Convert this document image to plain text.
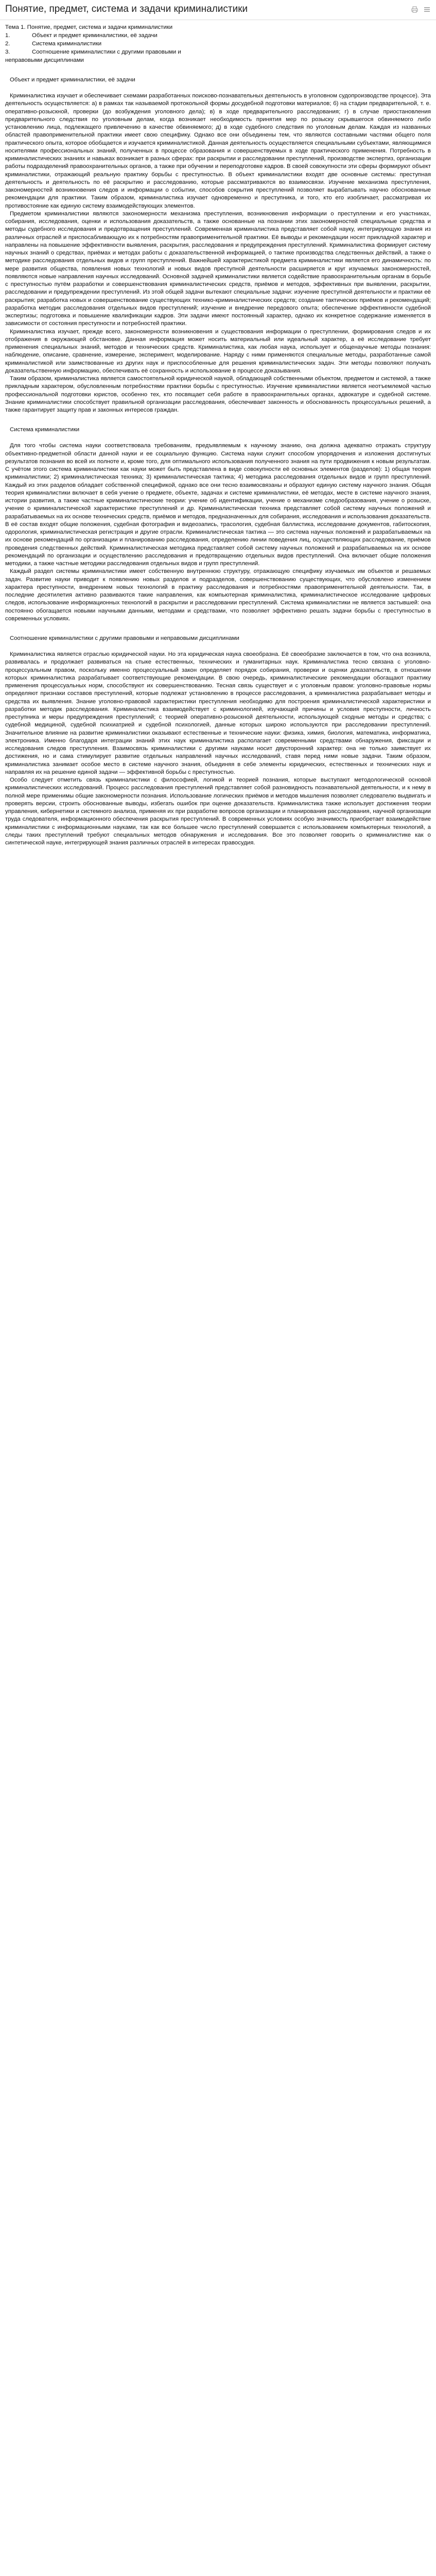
Понятие, предмет, система и задачи криминалистики

Тема 1. Понятие, предмет, система и задачи криминалистики

1.	Объект и предмет криминалистики, её задачи
2.	Система криминалистики
3.	Соотношение криминалистики с другими правовыми и

неправовыми дисциплинами

Объект и предмет криминалистики, её задачи

Криминалистика изучает и обеспечивает схемами разработанных поисково-познавательных деятельность в уголовном судопроизводстве процессе). Эта деятельность осуществляется: а) в рамках так называемой протокольной формы досудебной подготовки материалов; б) на стадии предварительной, т. е. оперативно-розыскной, проверки (до возбуждения уголовного дела); в) в ходе предварительного расследования; г) в случае приостановления предварительного следствия по уголовным делам, когда возникает необходимость принятия мер по розыску скрывшегося обвиняемого либо установлению лица, подлежащего привлечению в качестве обвиняемого; д) в ходе судебного следствия по уголовным делам. Каждая из названных областей правоприменительной практики имеет свою специфику. Однако все они объединены тем, что являются составными частями общего поля практического опыта, которое обобщается и изучается криминалистикой. Данная деятельность осуществляется специальными субъектами, являющимися носителями профессиональных знаний, полученных в процессе образования и совершенствуемых в ходе практического применения. Потребность в криминалистических знаниях и навыках возникает в разных сферах: при раскрытии и расследовании преступлений, производстве экспертиз, организации работы подразделений правоохранительных органов, а также при обучении и переподготовке кадров. В своей совокупности эти сферы формируют объект криминалистики, отражающий реальную практику борьбы с преступностью. В объект криминалистики входят две основные системы: преступная деятельность и деятельность по её раскрытию и расследованию, которые рассматриваются во взаимосвязи. Изучение механизма преступления, закономерностей возникновения следов и информации о событии, способов сокрытия преступлений позволяет вырабатывать научно обоснованные рекомендации для практики. Таким образом, криминалистика изучает одновременно и преступника, и того, кто его изобличает, рассматривая их противостояние как единую систему взаимодействующих элементов.

Предметом криминалистики являются закономерности механизма преступления, возникновения информации о преступлении и его участниках, собирания, исследования, оценки и использования доказательств, а также основанные на познании этих закономерностей специальные средства и методы судебного исследования и предотвращения преступлений. Современная криминалистика представляет собой науку, интегрирующую знания из различных отраслей и приспосабливающую их к потребностям правоприменительной практики. Её выводы и рекомендации носят прикладной характер и направлены на повышение эффективности выявления, раскрытия, расследования и предупреждения преступлений. Криминалистика формирует систему научных знаний о средствах, приёмах и методах работы с доказательственной информацией, о тактике производства следственных действий, а также о методике расследования отдельных видов и групп преступлений. Важнейшей характеристикой предмета криминалистики является его динамичность: по мере развития общества, появления новых технологий и новых видов преступной деятельности расширяется и круг изучаемых закономерностей, появляются новые направления научных исследований. Основной задачей криминалистики является содействие правоохранительным органам в борьбе с преступностью путём разработки и совершенствования криминалистических средств, приёмов и методов, эффективных при выявлении, раскрытии, расследовании и предупреждении преступлений. Из этой общей задачи вытекают специальные задачи: изучение преступной деятельности и практики её раскрытия; разработка новых и совершенствование существующих технико-криминалистических средств; создание тактических приёмов и рекомендаций; разработка методик расследования отдельных видов преступлений; изучение и внедрение передового опыта; обеспечение эффективности судебной экспертизы; подготовка и повышение квалификации кадров. Эти задачи имеют постоянный характер, однако их конкретное содержание изменяется в зависимости от состояния преступности и потребностей практики.

Криминалистика изучает, прежде всего, закономерности возникновения и существования информации о преступлении, формирования следов и их отображения в окружающей обстановке. Данная информация может носить материальный или идеальный характер, а её исследование требует применения специальных знаний, методов и технических средств. Криминалистика, как любая наука, использует и общенаучные методы познания: наблюдение, описание, сравнение, измерение, эксперимент, моделирование. Наряду с ними применяются специальные методы, разработанные самой криминалистикой или заимствованные из других наук и приспособленные для решения криминалистических задач. Эти методы позволяют получать доказательственную информацию, обеспечивать её сохранность и использование в процессе доказывания.

Таким образом, криминалистика является самостоятельной юридической наукой, обладающей собственными объектом, предметом и системой, а также прикладным характером, обусловленным потребностями практики борьбы с преступностью. Изучение криминалистики является неотъемлемой частью профессиональной подготовки юристов, особенно тех, кто посвящает себя работе в правоохранительных органах, адвокатуре и судебной системе. Знание криминалистики способствует правильной организации расследования, обеспечивает законность и обоснованность процессуальных решений, а также гарантирует защиту прав и законных интересов граждан.

Система криминалистики

Для того чтобы система науки соответствовала требованиям, предъявляемым к научному знанию, она должна адекватно отражать структуру объективно-предметной области данной науки и ее социальную функцию. Система науки служит способом упорядочения и изложения достигнутых результатов познания во всей их полноте и, кроме того, для оптимального использования полученного знания на пути продвижения к новым результатам. С учётом этого система криминалистики как науки может быть представлена в виде совокупности её основных элементов (разделов): 1) общая теория криминалистики; 2) криминалистическая техника; 3) криминалистическая тактика; 4) методика расследования отдельных видов и групп преступлений. Каждый из этих разделов обладает собственной спецификой, однако все они тесно взаимосвязаны и образуют единую систему научного знания. Общая теория криминалистики включает в себя учение о предмете, объекте, задачах и системе криминалистики, её методах, месте в системе научного знания, истории развития, а также частные криминалистические теории: учение об идентификации, учение о механизме следообразования, учение о розыске, учение о криминалистической характеристике преступлений и др. Криминалистическая техника представляет собой систему научных положений и разрабатываемых на их основе технических средств, приёмов и методов, предназначенных для собирания, исследования и использования доказательств. В её состав входят общие положения, судебная фотография и видеозапись, трасология, судебная баллистика, исследование документов, габитоскопия, одорология, криминалистическая регистрация и другие отрасли. Криминалистическая тактика — это система научных положений и разрабатываемых на их основе рекомендаций по организации и планированию расследования, определению линии поведения лиц, осуществляющих расследование, приёмов проведения следственных действий. Криминалистическая методика представляет собой систему научных положений и разрабатываемых на их основе рекомендаций по организации и осуществлению расследования и предотвращению отдельных видов преступлений. Она включает общие положения методики, а также частные методики расследования отдельных видов и групп преступлений.

Каждый раздел системы криминалистики имеет собственную внутреннюю структуру, отражающую специфику изучаемых им объектов и решаемых задач. Развитие науки приводит к появлению новых разделов и подразделов, совершенствованию существующих, что обусловлено изменением характера преступности, внедрением новых технологий в практику расследования и потребностями правоприменительной деятельности. Так, в последние десятилетия активно развиваются такие направления, как компьютерная криминалистика, криминалистическое исследование цифровых следов, использование информационных технологий в раскрытии и расследовании преступлений. Система криминалистики не является застывшей: она постоянно обогащается новыми научными данными, методами и средствами, что позволяет эффективно решать задачи борьбы с преступностью в современных условиях.

Соотношение криминалистики с другими правовыми и неправовыми дисциплинами

Криминалистика является отраслью юридической науки. Но эта юридическая наука своеобразна. Её своеобразие заключается в том, что она возникла, развивалась и продолжает развиваться на стыке естественных, технических и гуманитарных наук. Криминалистика тесно связана с уголовно-процессуальным правом, поскольку именно процессуальный закон определяет порядок собирания, проверки и оценки доказательств, в отношении которых криминалистика разрабатывает соответствующие рекомендации. В свою очередь, криминалистические рекомендации обогащают практику применения процессуальных норм, способствуют их совершенствованию. Тесная связь существует и с уголовным правом: уголовно-правовые нормы определяют признаки составов преступлений, которые подлежат установлению в процессе расследования, а криминалистика разрабатывает методы и средства их выявления. Знание уголовно-правовой характеристики преступления необходимо для построения криминалистической характеристики и разработки методик расследования. Криминалистика взаимодействует с криминологией, изучающей причины и условия преступности, личность преступника и меры предупреждения преступлений; с теорией оперативно-розыскной деятельности, использующей сходные методы и средства; с судебной медициной, судебной психиатрией и судебной психологией, данные которых широко используются при расследовании преступлений. Значительное влияние на развитие криминалистики оказывают естественные и технические науки: физика, химия, биология, математика, информатика, электроника. Именно благодаря интеграции знаний этих наук криминалистика располагает современными средствами обнаружения, фиксации и исследования следов преступления. Взаимосвязь криминалистики с другими науками носит двусторонний характер: она не только заимствует их достижения, но и сама стимулирует развитие отдельных направлений научных исследований, ставя перед ними новые задачи. Таким образом, криминалистика занимает особое место в системе научного знания, объединяя в себе элементы юридических, естественных и технических наук и направляя их на решение единой задачи — эффективной борьбы с преступностью.

Особо следует отметить связь криминалистики с философией, логикой и теорией познания, которые выступают методологической основой криминалистических исследований. Процесс расследования преступлений представляет собой разновидность познавательной деятельности, и к нему в полной мере применимы общие закономерности познания. Использование логических приёмов и методов мышления позволяет следователю выдвигать и проверять версии, строить обоснованные выводы, избегать ошибок при оценке доказательств. Криминалистика также использует достижения теории управления, кибернетики и системного анализа, применяя их при разработке вопросов организации и планирования расследования, научной организации труда следователя, информационного обеспечения раскрытия преступлений. В современных условиях особую значимость приобретает взаимодействие криминалистики с информационными науками, так как все большее число преступлений совершается с использованием компьютерных технологий, а следы таких преступлений требуют специальных методов обнаружения и исследования. Все это позволяет говорить о криминалистике как о синтетической науке, интегрирующей знания различных отраслей в интересах правосудия.
